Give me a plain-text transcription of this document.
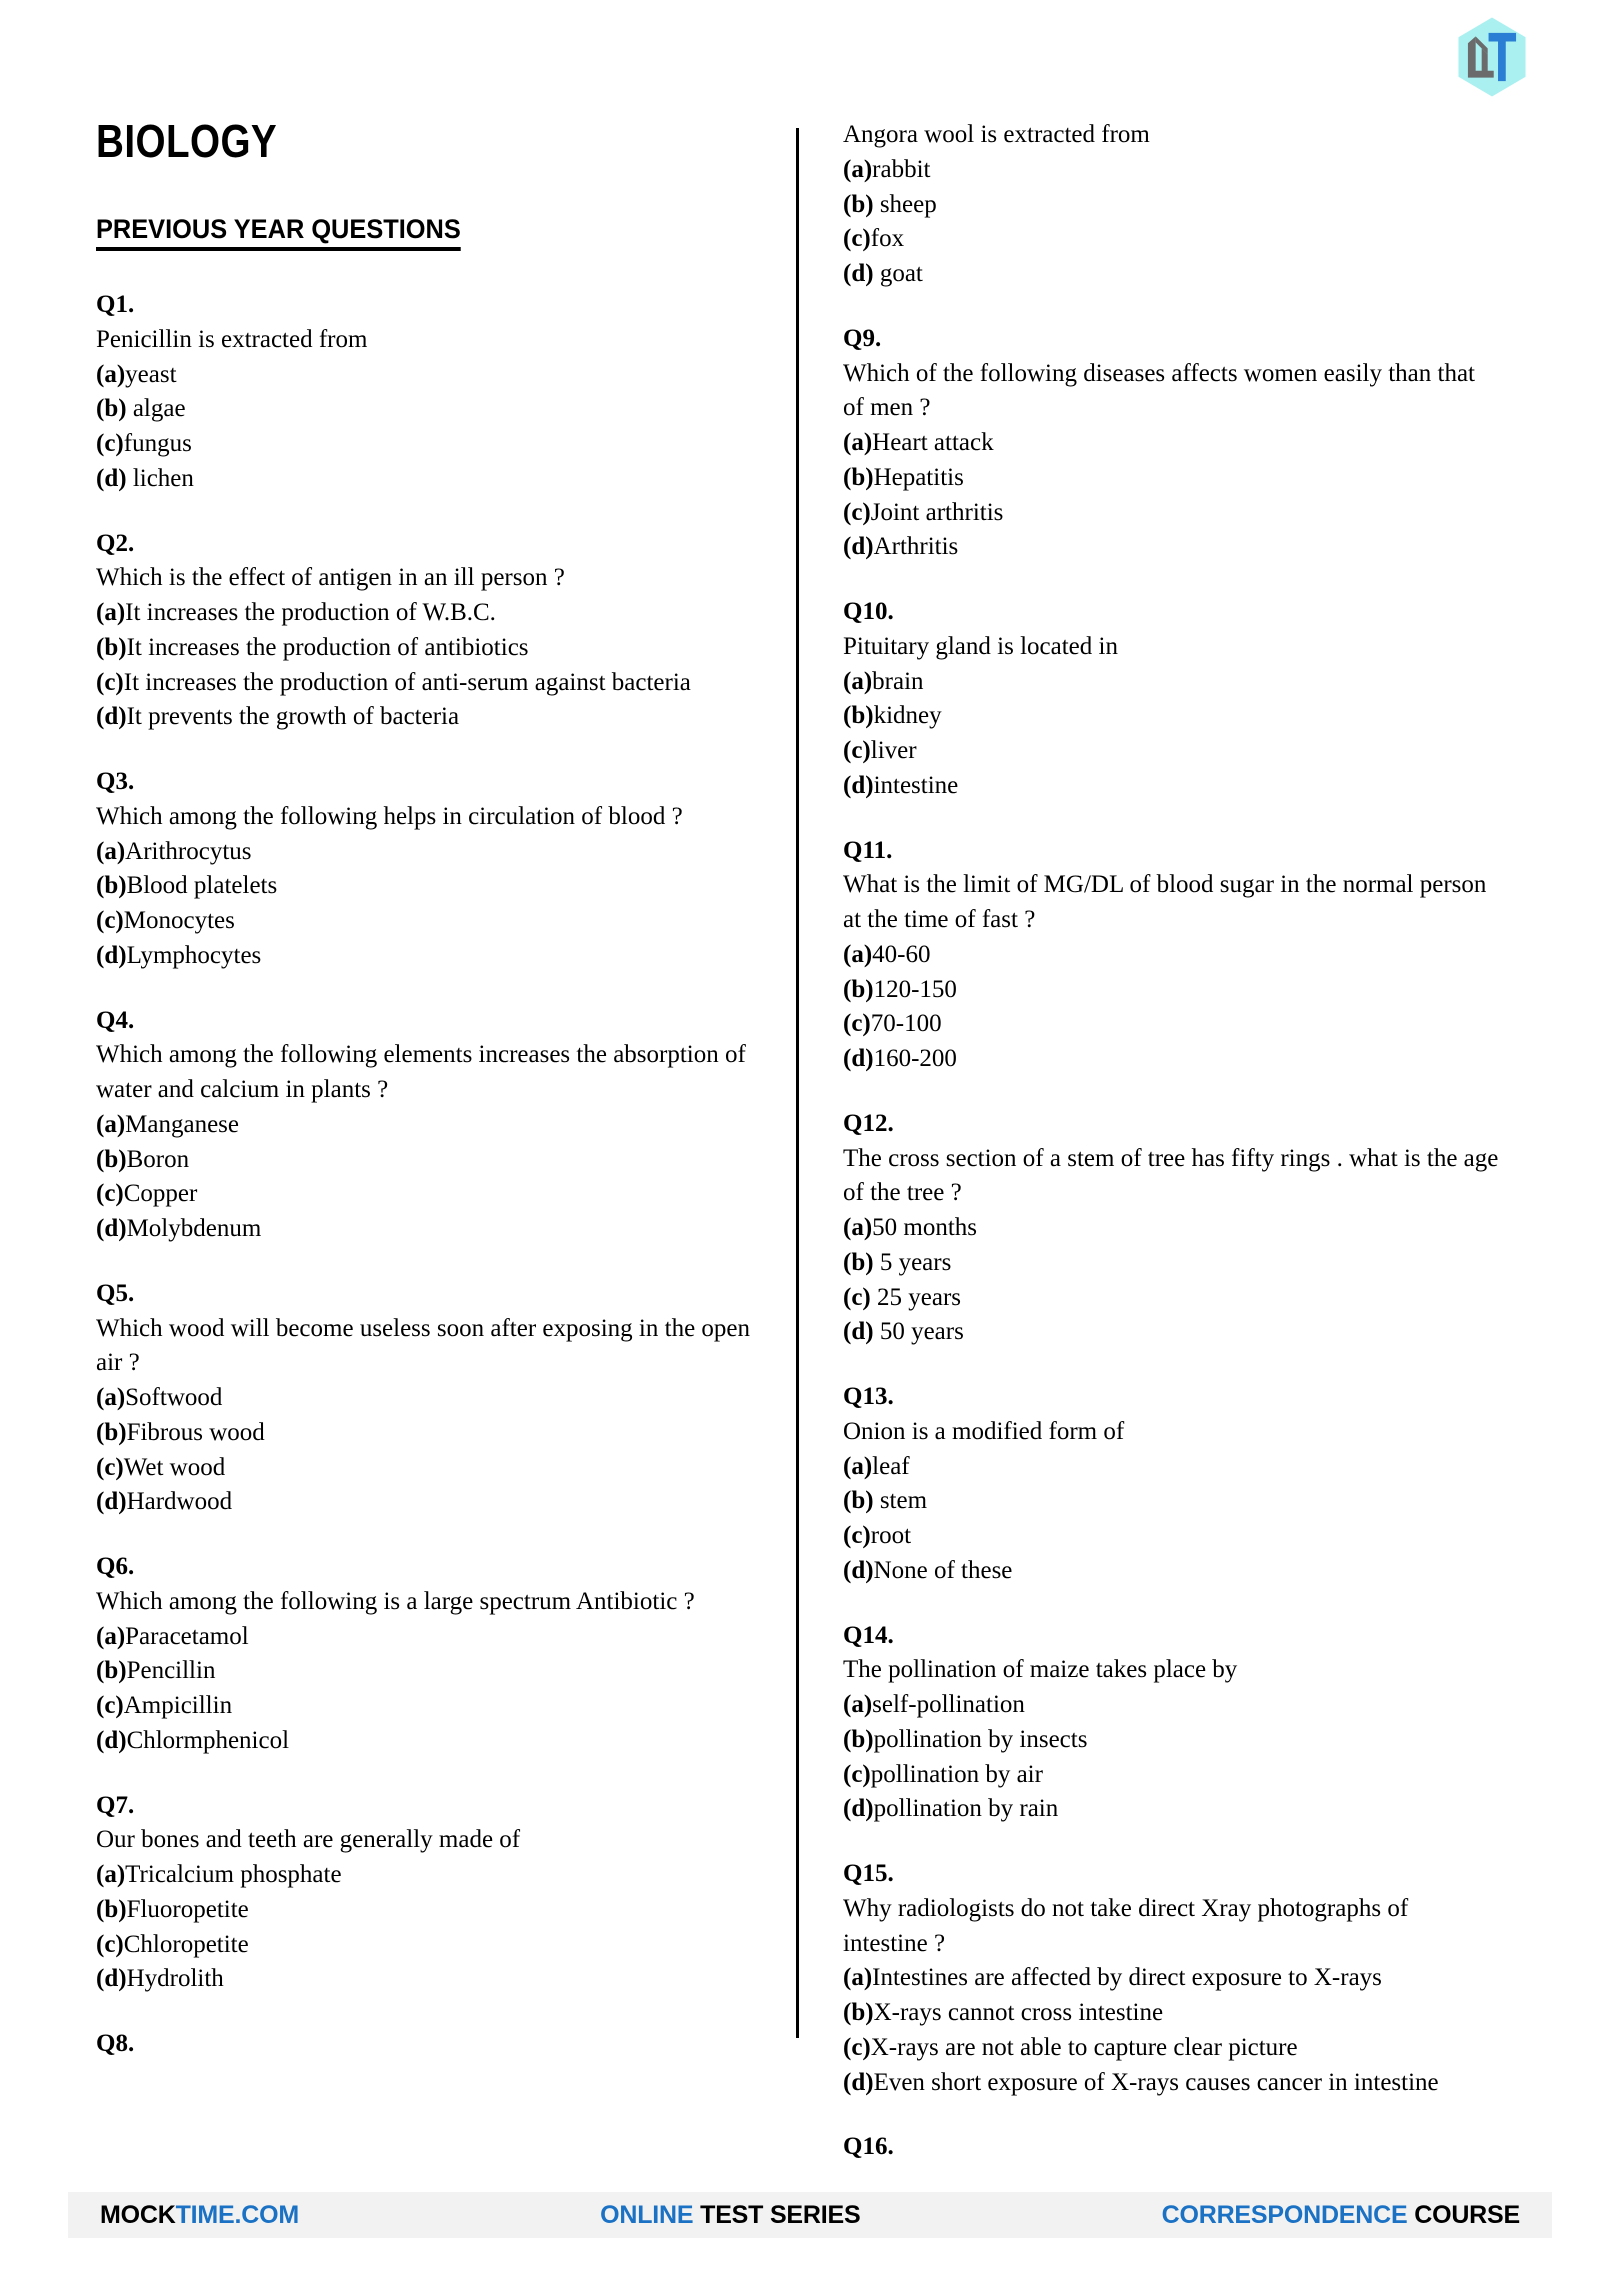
BIOLOGY
PREVIOUS YEAR QUESTIONS
Q1.
Penicillin is extracted from
(a)yeast
(b) algae
(c)fungus
(d) lichen
Q2.
Which is the effect of antigen in an ill person ?
(a)It increases the production of W.B.C.
(b)It increases the production of antibiotics
(c)It increases the production of anti-serum against bacteria
(d)It prevents the growth of bacteria
Q3.
Which among the following helps in circulation of blood ?
(a)Arithrocytus
(b)Blood platelets
(c)Monocytes
(d)Lymphocytes
Q4.
Which among the following elements increases the absorption of water and calcium in plants ?
(a)Manganese
(b)Boron
(c)Copper
(d)Molybdenum
Q5.
Which wood will become useless soon after exposing in the open air ?
(a)Softwood
(b)Fibrous wood
(c)Wet wood
(d)Hardwood
Q6.
Which among the following is a large spectrum Antibiotic ?
(a)Paracetamol
(b)Pencillin
(c)Ampicillin
(d)Chlormphenicol
Q7.
Our bones and teeth are generally made of
(a)Tricalcium phosphate
(b)Fluoropetite
(c)Chloropetite
(d)Hydrolith
Q8.
Angora wool is extracted from
(a)rabbit
(b) sheep
(c)fox
(d) goat
Q9.
Which of the following diseases affects women easily than that of men ?
(a)Heart attack
(b)Hepatitis
(c)Joint arthritis
(d)Arthritis
Q10.
Pituitary gland is located in
(a)brain
(b)kidney
(c)liver
(d)intestine
Q11.
What is the limit of MG/DL of blood sugar in the normal person at the time of fast ?
(a)40-60
(b)120-150
(c)70-100
(d)160-200
Q12.
The cross section of a stem of tree has fifty rings . what is the age of the tree ?
(a)50 months
(b) 5 years
(c) 25 years
(d) 50 years
Q13.
Onion is a modified form of
(a)leaf
(b) stem
(c)root
(d)None of these
Q14.
The pollination of maize takes place by
(a)self-pollination
(b)pollination by insects
(c)pollination by air
(d)pollination by rain
Q15.
Why radiologists do not take direct Xray photographs of intestine ?
(a)Intestines are affected by direct exposure to X-rays
(b)X-rays cannot cross intestine
(c)X-rays are not able to capture clear picture
(d)Even short exposure of X-rays causes cancer in intestine
Q16.
MOCKTIME.COM	ONLINE TEST SERIES	CORRESPONDENCE COURSE
